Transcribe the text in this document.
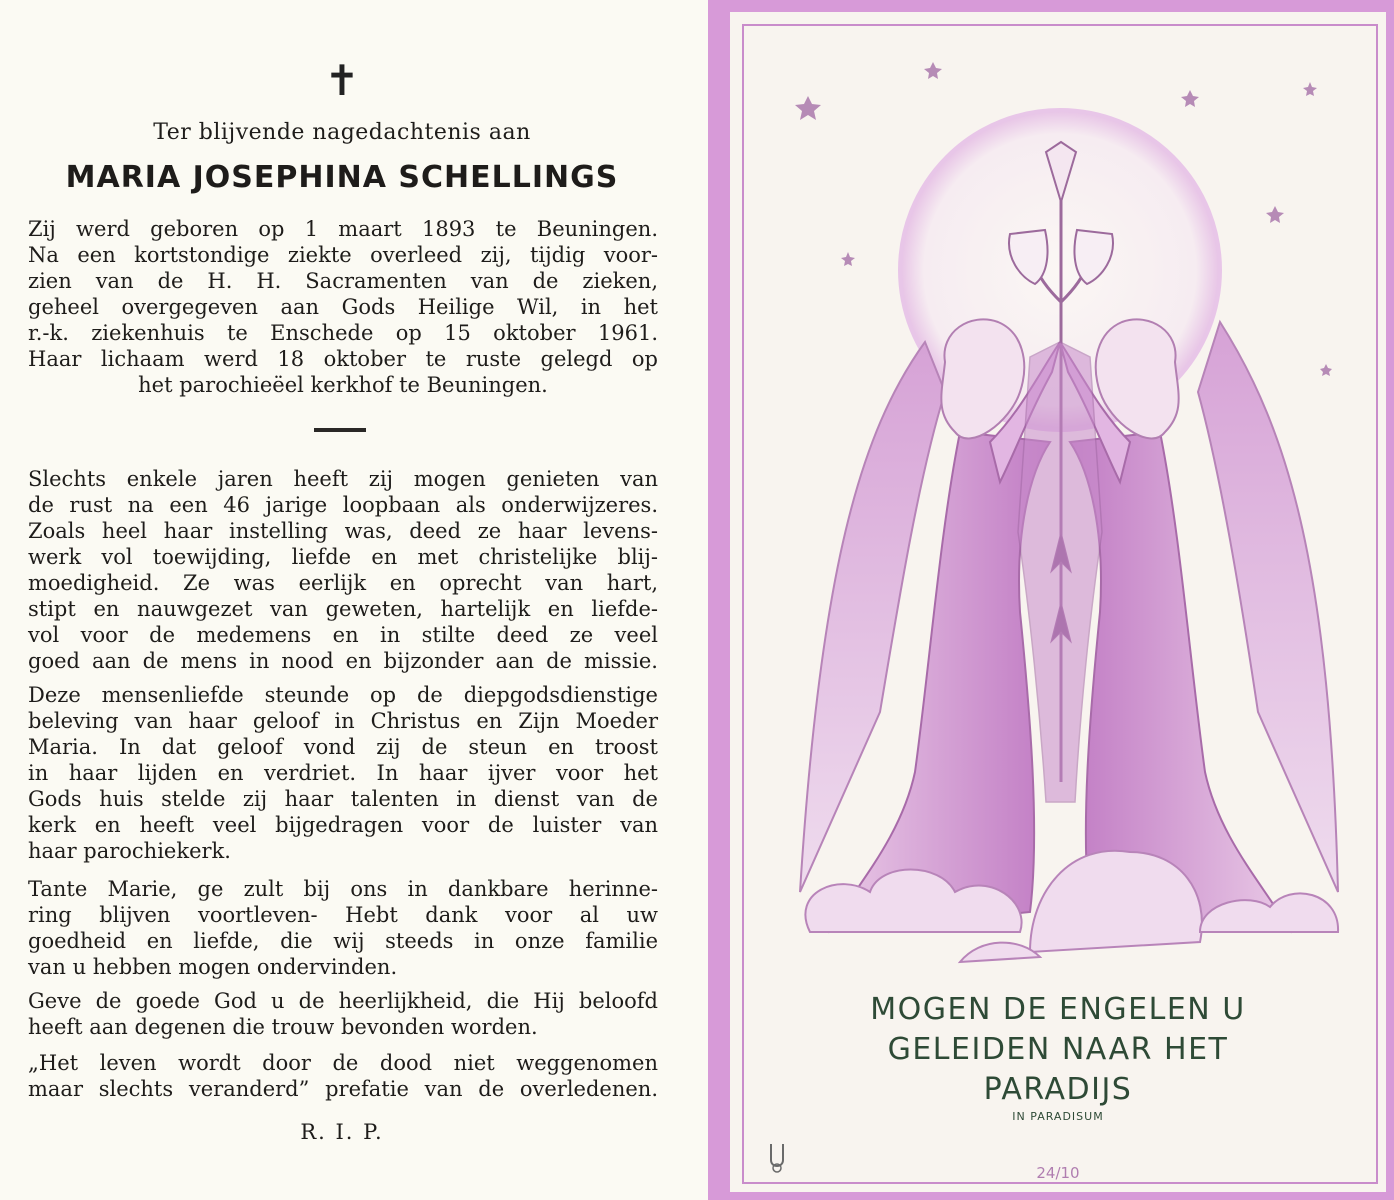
✝
Ter blijvende nagedachtenis aan
MARIA JOSEPHINA SCHELLINGS
Zij werd geboren op 1 maart 1893 te Beuningen.
Na een kortstondige ziekte overleed zij, tijdig voor-
zien van de H. H. Sacramenten van de zieken,
geheel overgegeven aan Gods Heilige Wil, in het
r.-k. ziekenhuis te Enschede op 15 oktober 1961.
Haar lichaam werd 18 oktober te ruste gelegd op
het parochieëel kerkhof te Beuningen.
Slechts enkele jaren heeft zij mogen genieten van
de rust na een 46 jarige loopbaan als onderwijzeres.
Zoals heel haar instelling was, deed ze haar levens-
werk vol toewijding, liefde en met christelijke blij-
moedigheid. Ze was eerlijk en oprecht van hart,
stipt en nauwgezet van geweten, hartelijk en liefde-
vol voor de medemens en in stilte deed ze veel
goed aan de mens in nood en bijzonder aan de missie.
Deze mensenliefde steunde op de diepgodsdienstige
beleving van haar geloof in Christus en Zijn Moeder
Maria. In dat geloof vond zij de steun en troost
in haar lijden en verdriet. In haar ijver voor het
Gods huis stelde zij haar talenten in dienst van de
kerk en heeft veel bijgedragen voor de luister van
haar parochiekerk.
Tante Marie, ge zult bij ons in dankbare herinne-
ring blijven voortleven- Hebt dank voor al uw
goedheid en liefde, die wij steeds in onze familie
van u hebben mogen ondervinden.
Geve de goede God u de heerlijkheid, die Hij beloofd
heeft aan degenen die trouw bevonden worden.
„Het leven wordt door de dood niet weggenomen
maar slechts veranderd” prefatie van de overledenen.
R. I. P.
MOGEN DE ENGELEN U
GELEIDEN NAAR HET
PARADIJS
IN PARADISUM
24/10
